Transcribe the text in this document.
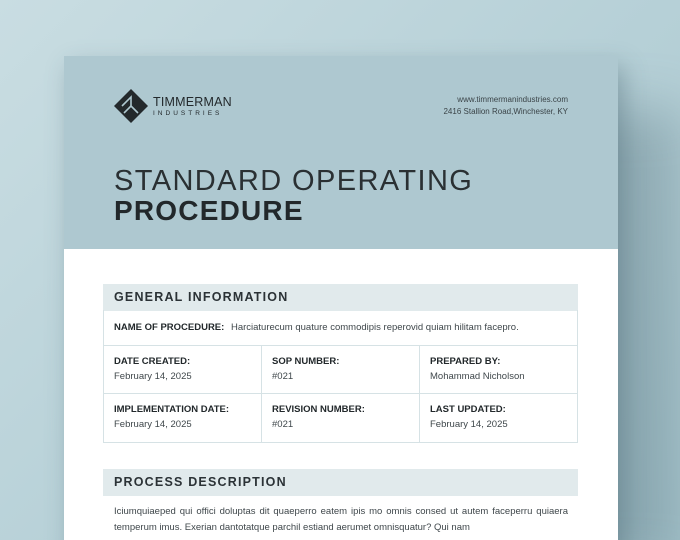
TIMMERMAN
INDUSTRIES
www.timmermanindustries.com
2416 Stallion Road,Winchester, KY
STANDARD OPERATING
PROCEDURE
GENERAL INFORMATION
NAME OF PROCEDURE: Harciaturecum quature commodipis reperovid quiam hilitam facepro.
DATE CREATED:
February 14, 2025
SOP NUMBER:
#021
PREPARED BY:
Mohammad Nicholson
IMPLEMENTATION DATE:
February 14, 2025
REVISION NUMBER:
#021
LAST UPDATED:
February 14, 2025
PROCESS DESCRIPTION
Iciumquiaeped qui offici doluptas dit quaeperro eatem ipis mo omnis consed ut autem faceperru quiaera temperum imus. Exerian dantotatque parchil estiand aerumet omnisquatur? Qui nam
